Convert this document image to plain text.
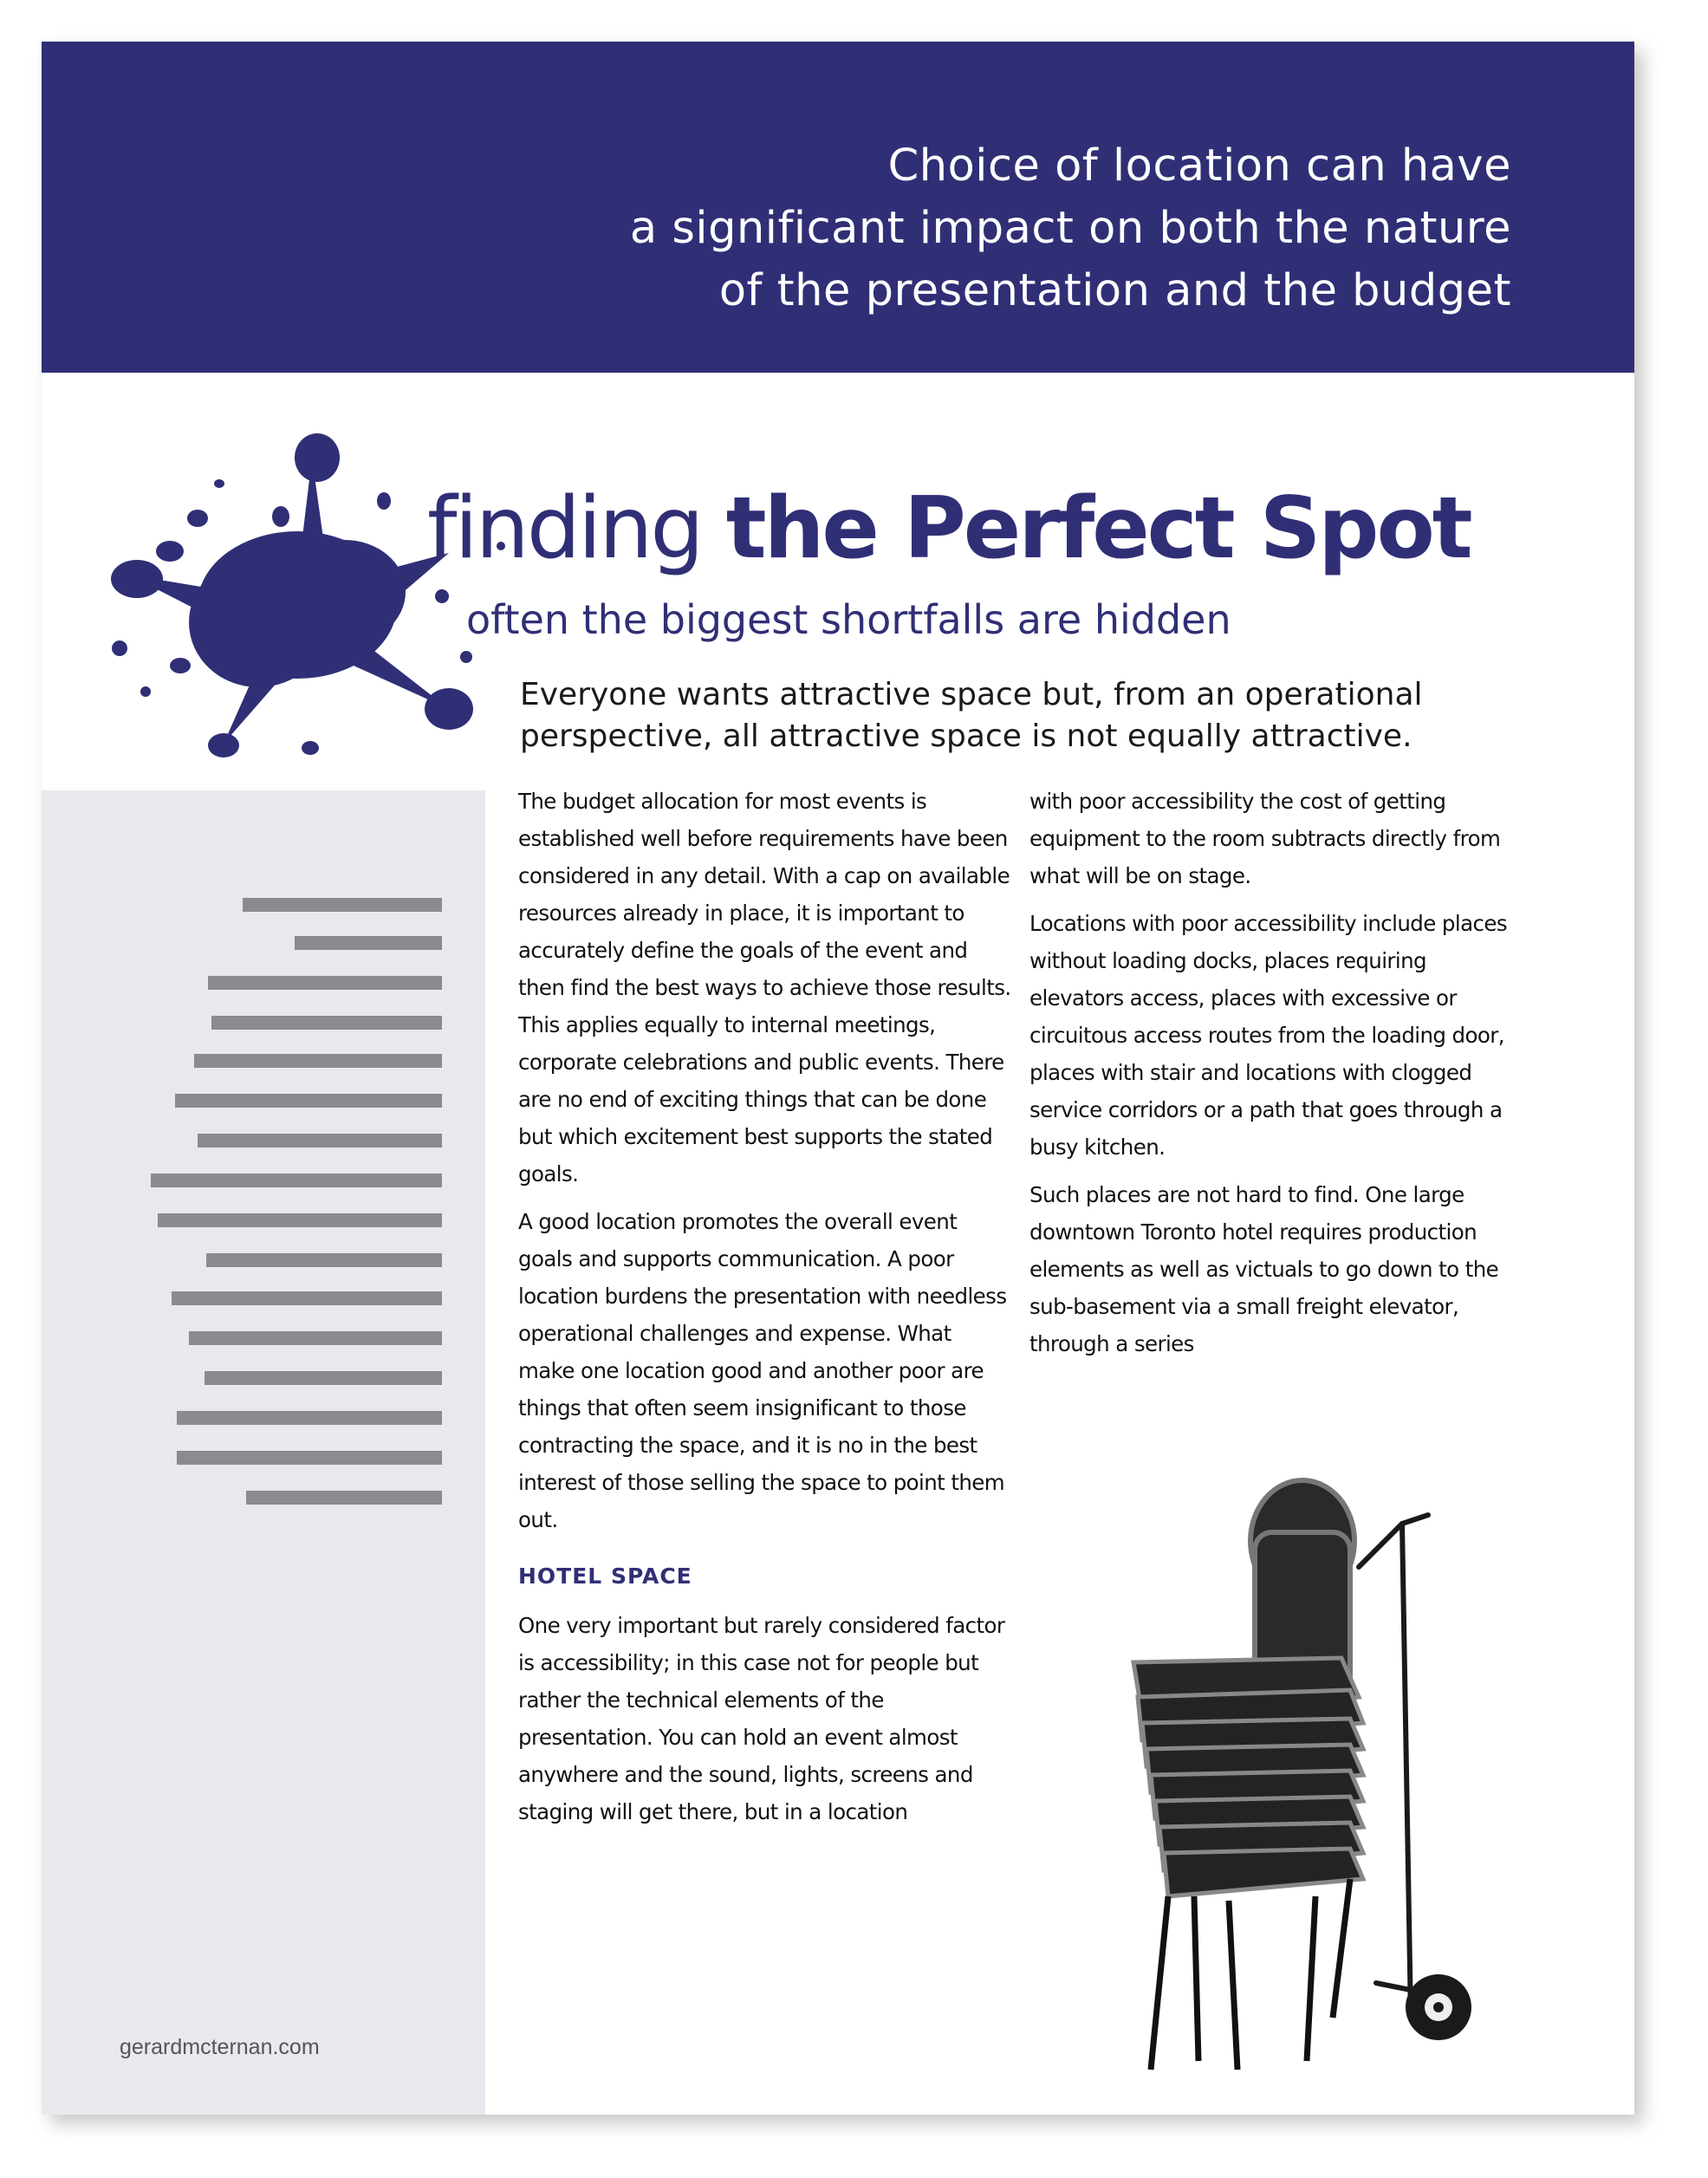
Choice of location can have
a significant impact on both the nature
of the presentation and the budget
gerardmcternan.com
finding the Perfect Spot
often the biggest shortfalls are hidden
Everyone wants attractive space but, from an operational
perspective, all attractive space is not equally attractive.

The budget allocation for most events is established well before requirements have been considered in any detail. With a cap on available resources already in place, it is important to accurately define the goals of the event and then find the best ways to achieve those results. This applies equally to internal meetings, corporate celebrations and public events. There are no end of exciting things that can be done but which excitement best supports the stated goals.

A good location promotes the overall event goals and supports communication. A poor location burdens the presentation with needless operational challenges and expense. What make one location good and another poor are things that often seem insignificant to those contracting the space, and it is no in the best interest of those selling the space to point them out.

HOTEL SPACE

One very important but rarely considered factor is accessibility; in this case not for people but rather the technical elements of the presentation. You can hold an event almost anywhere and the sound, lights, screens and staging will get there, but in a location

with poor accessibility the cost of getting equipment to the room subtracts directly from what will be on stage.

Locations with poor accessibility include places without loading docks, places requiring elevators access, places with excessive or circuitous access routes from the loading door, places with stair and locations with clogged service corridors or a path that goes through a busy kitchen.

Such places are not hard to find. One large downtown Toronto hotel requires production elements as well as victuals to go down to the sub-basement via a small freight elevator, through a series
